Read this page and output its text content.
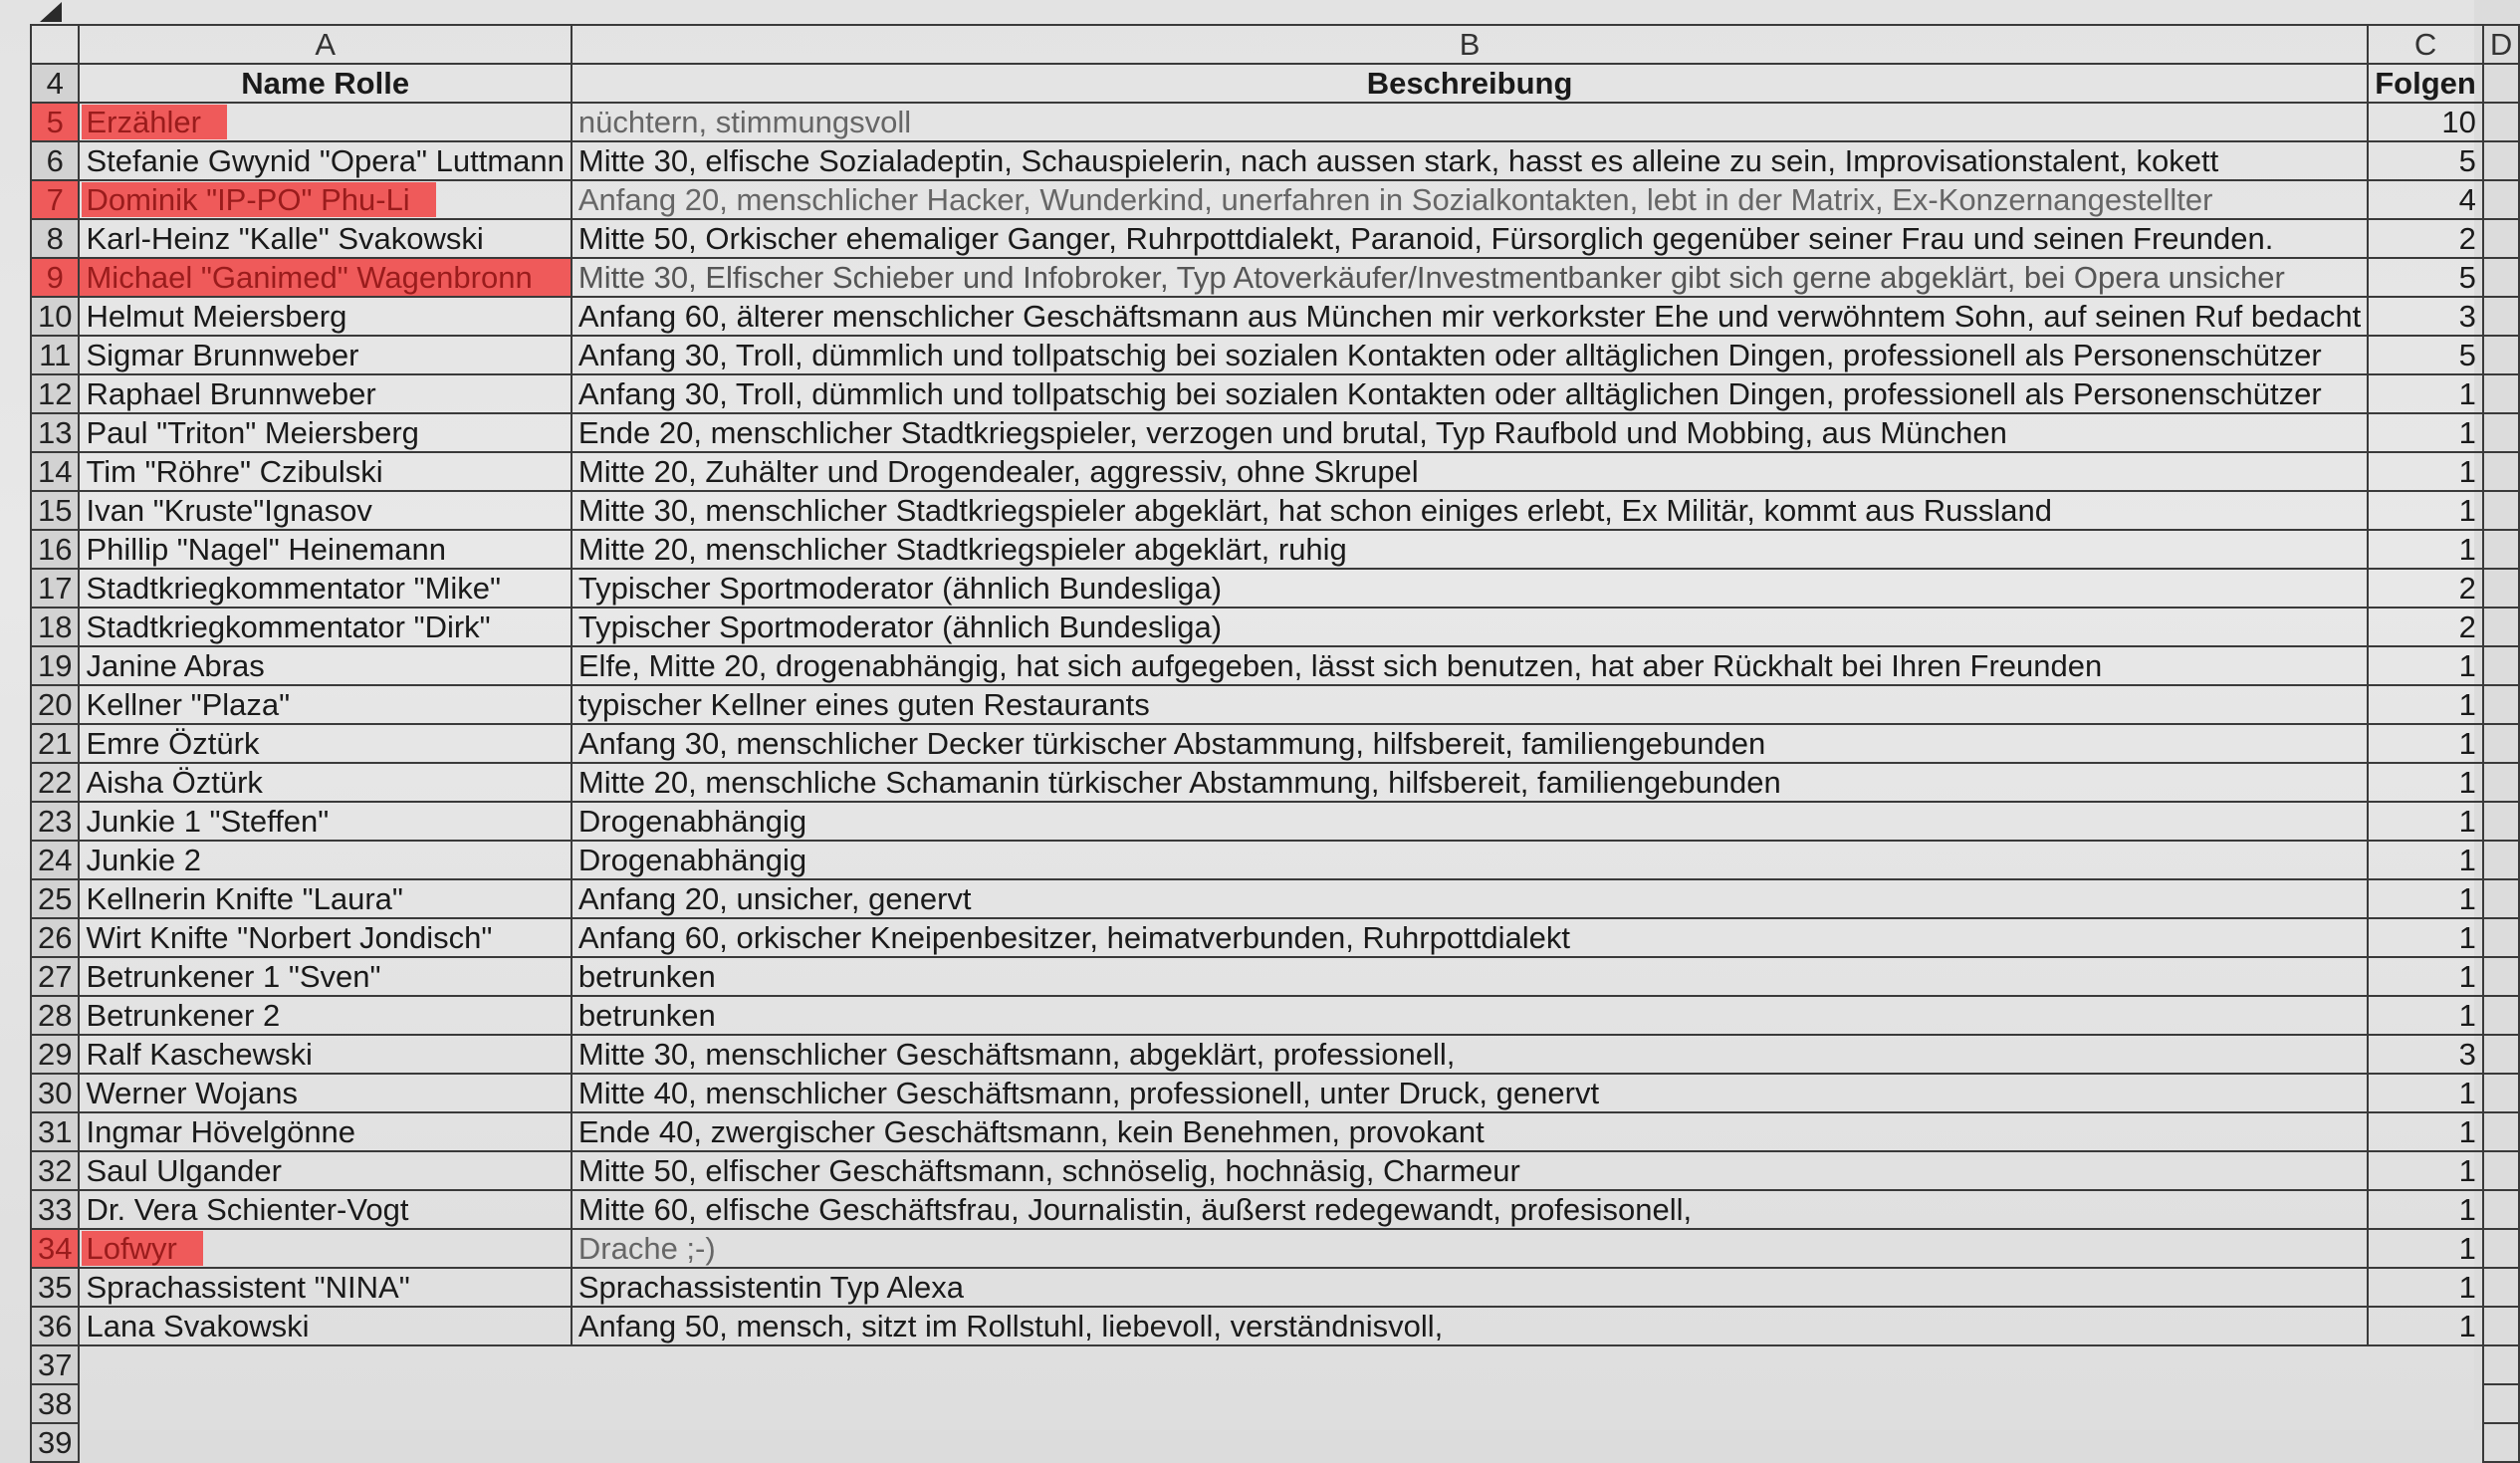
	A	B	C	D
4	Name Rolle	Beschreibung	Folgen	
5	Erzähler	nüchtern, stimmungsvoll	10	
6	Stefanie Gwynid "Opera" Luttmann	Mitte 30, elfische Sozialadeptin, Schauspielerin, nach aussen stark, hasst es alleine zu sein, Improvisationstalent, kokett	5	
7	Dominik "IP-PO" Phu-Li	Anfang 20, menschlicher Hacker, Wunderkind, unerfahren in Sozialkontakten, lebt in der Matrix, Ex-Konzernangestellter	4	
8	Karl-Heinz "Kalle" Svakowski	Mitte 50, Orkischer ehemaliger Ganger, Ruhrpottdialekt, Paranoid, Fürsorglich gegenüber seiner Frau und seinen Freunden.	2	
9	Michael "Ganimed" Wagenbronn	Mitte 30, Elfischer Schieber und Infobroker, Typ Atoverkäufer/Investmentbanker gibt sich gerne abgeklärt, bei Opera unsicher	5	
10	Helmut Meiersberg	Anfang 60, älterer menschlicher Geschäftsmann aus München mir verkorkster Ehe und verwöhntem Sohn, auf seinen Ruf bedacht	3	
11	Sigmar Brunnweber	Anfang 30, Troll, dümmlich und tollpatschig bei sozialen Kontakten oder alltäglichen Dingen, professionell als Personenschützer	5	
12	Raphael Brunnweber	Anfang 30, Troll, dümmlich und tollpatschig bei sozialen Kontakten oder alltäglichen Dingen, professionell als Personenschützer	1	
13	Paul "Triton" Meiersberg	Ende 20, menschlicher Stadtkriegspieler, verzogen und brutal, Typ Raufbold und Mobbing, aus München	1	
14	Tim "Röhre" Czibulski	Mitte 20, Zuhälter und Drogendealer, aggressiv, ohne Skrupel	1	
15	Ivan "Kruste"Ignasov	Mitte 30, menschlicher Stadtkriegspieler abgeklärt, hat schon einiges erlebt, Ex Militär, kommt aus Russland	1	
16	Phillip "Nagel" Heinemann	Mitte 20, menschlicher Stadtkriegspieler abgeklärt, ruhig	1	
17	Stadtkriegkommentator "Mike"	Typischer Sportmoderator (ähnlich Bundesliga)	2	
18	Stadtkriegkommentator "Dirk"	Typischer Sportmoderator (ähnlich Bundesliga)	2	
19	Janine Abras	Elfe, Mitte 20, drogenabhängig, hat sich aufgegeben, lässt sich benutzen, hat aber Rückhalt bei Ihren Freunden	1	
20	Kellner "Plaza"	typischer Kellner eines guten Restaurants	1	
21	Emre Öztürk	Anfang 30, menschlicher Decker türkischer Abstammung, hilfsbereit, familiengebunden	1	
22	Aisha Öztürk	Mitte 20, menschliche Schamanin türkischer Abstammung, hilfsbereit, familiengebunden	1	
23	Junkie 1 "Steffen"	Drogenabhängig	1	
24	Junkie 2	Drogenabhängig	1	
25	Kellnerin Knifte "Laura"	Anfang 20, unsicher, genervt	1	
26	Wirt Knifte "Norbert Jondisch"	Anfang 60, orkischer Kneipenbesitzer, heimatverbunden, Ruhrpottdialekt	1	
27	Betrunkener 1 "Sven"	betrunken	1	
28	Betrunkener 2	betrunken	1	
29	Ralf Kaschewski	Mitte 30, menschlicher Geschäftsmann, abgeklärt, professionell,	3	
30	Werner Wojans	Mitte 40, menschlicher Geschäftsmann, professionell, unter Druck, genervt	1	
31	Ingmar Hövelgönne	Ende 40, zwergischer Geschäftsmann, kein Benehmen, provokant	1	
32	Saul Ulgander	Mitte 50, elfischer Geschäftsmann, schnöselig, hochnäsig, Charmeur	1	
33	Dr. Vera Schienter-Vogt	Mitte 60, elfische Geschäftsfrau, Journalistin, äußerst redegewandt, profesisonell,	1	
34	Lofwyr	Drache ;-)	1	
35	Sprachassistent "NINA"	Sprachassistentin Typ Alexa	1	
36	Lana Svakowski	Anfang 50, mensch, sitzt im Rollstuhl, liebevoll, verständnisvoll,	1	
37				
38				
39				
